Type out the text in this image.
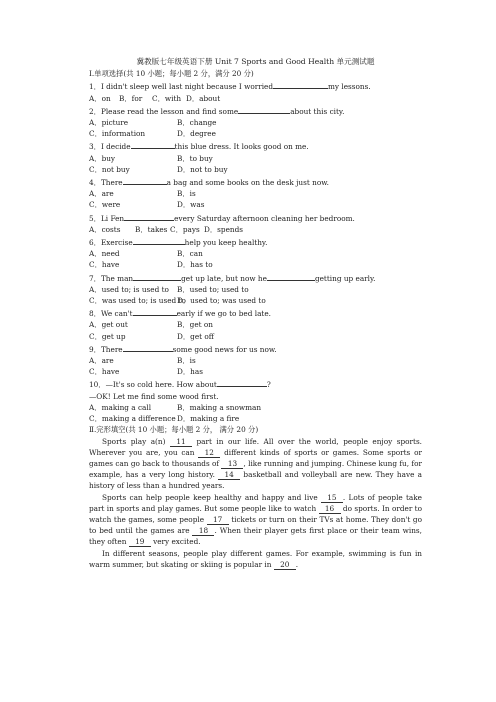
冀教版七年级英语下册 Unit 7 Sports and Good Health 单元测试题
Ⅰ.单项选择(共 10 小题；每小题 2 分，满分 20 分)
1．I didn't sleep well last night because I worried	my lessons.
A．on B．for C．with D．about
2．Please read the lesson and find some	about this city.
A．picture	B．change
C．information	D．degree
3．I decide	this blue dress. It looks good on me.
A．buy	B．to buy
C．not buy	D．not to buy
4．There	a bag and some books on the desk just now.
A．are	B．is
C．were	D．was
5．Li Fen	every Saturday afternoon cleaning her bedroom.
A．costs B．takes C．pays D．spends
6．Exercise	help you keep healthy.
A．need	B．can
C．have	D．has to
7．The man	get up late, but now he	getting up early.
A．used to; is used to B．used to; used to
C．was used to; is used toD．used to; was used to
8．We can't	early if we go to bed late.
A．get out	B．get on
C．get up	D．get off
9．There	some good news for us now.
A．are	B．is
C．have	D．has
10．—It's so cold here. How about	?
—OK! Let me find some wood first.
A．making a call	B．making a snowman
C．making a differenceD．making a fire
Ⅱ.完形填空(共 10 小题；每小题 2 分， 满分 20 分)

Sports play a(n) 11 part in our life. All over the world, people enjoy sports. Wherever you are, you can 12 different kinds of sports or games. Some sports or games can go back to thousands of 13 , like running and jumping. Chinese kung fu, for example, has a very long history. 14 basketball and volleyball are new. They have a history of less than a hundred years.

Sports can help people keep healthy and happy and live 15 . Lots of people take part in sports and play games. But some people like to watch 16 do sports. In order to watch the games, some people 17 tickets or turn on their TVs at home. They don't go to bed until the games are 18 . When their player gets first place or their team wins, they often 19 very excited.

In different seasons, people play different games. For example, swimming is fun in warm summer, but skating or skiing is popular in 20 .
